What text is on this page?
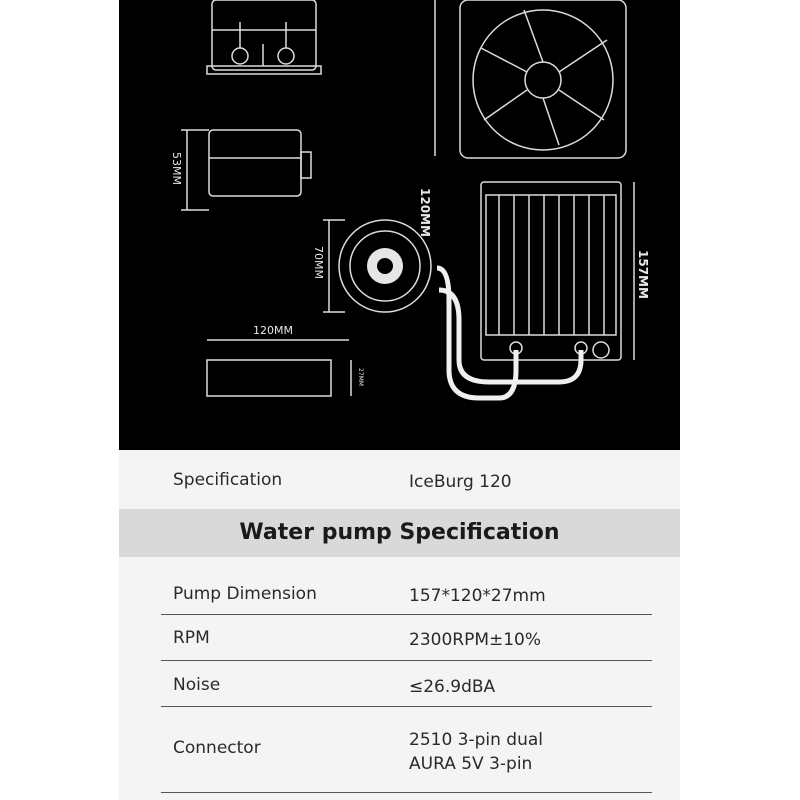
120MM
157MM
53MM
70MM
120MM
27MM
Specification	IceBurg 120
Water pump Specification
Pump Dimension	157*120*27mm
RPM	2300RPM±10%
Noise	≤26.9dBA
Connector	2510 3-pin dual
AURA 5V 3-pin
